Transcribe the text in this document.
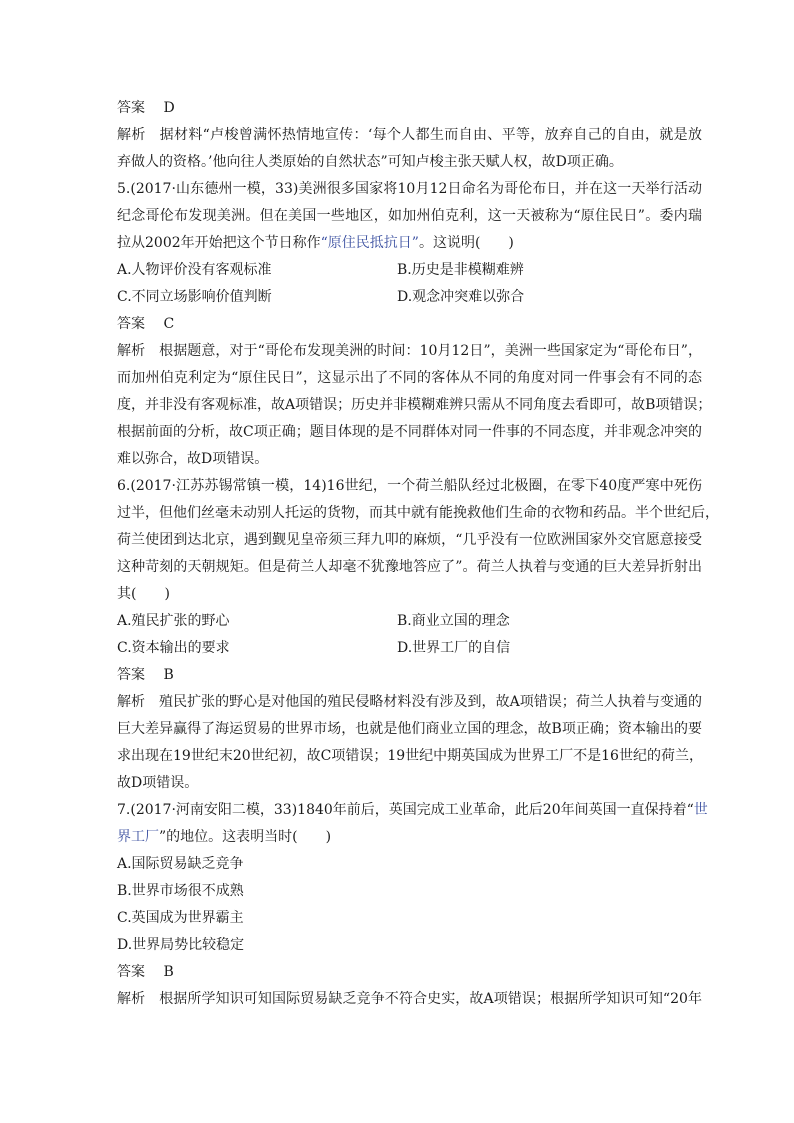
答案 D
解析 据材料“卢梭曾满怀热情地宣传：‘每个人都生而自由、平等，放弃自己的自由，就是放
弃做人的资格。’他向往人类原始的自然状态”可知卢梭主张天赋人权，故D项正确。
5.(2017·山东德州一模，33)美洲很多国家将10月12日命名为哥伦布日，并在这一天举行活动
纪念哥伦布发现美洲。但在美国一些地区，如加州伯克利，这一天被称为“原住民日”。委内瑞
拉从2002年开始把这个节日称作“原住民抵抗日”。这说明(　　)
A.人物评价没有客观标准	B.历史是非模糊难辨
C.不同立场影响价值判断	D.观念冲突难以弥合
答案 C
解析 根据题意，对于“哥伦布发现美洲的时间：10月12日”，美洲一些国家定为“哥伦布日”，
而加州伯克利定为“原住民日”，这显示出了不同的客体从不同的角度对同一件事会有不同的态
度，并非没有客观标准，故A项错误；历史并非模糊难辨只需从不同角度去看即可，故B项错误；
根据前面的分析，故C项正确；题目体现的是不同群体对同一件事的不同态度，并非观念冲突的
难以弥合，故D项错误。
6.(2017·江苏苏锡常镇一模，14)16世纪，一个荷兰船队经过北极圈，在零下40度严寒中死伤
过半，但他们丝毫未动别人托运的货物，而其中就有能挽救他们生命的衣物和药品。半个世纪后，
荷兰使团到达北京，遇到觐见皇帝须三拜九叩的麻烦，“几乎没有一位欧洲国家外交官愿意接受
这种苛刻的天朝规矩。但是荷兰人却毫不犹豫地答应了”。荷兰人执着与变通的巨大差异折射出
其(　　)
A.殖民扩张的野心	B.商业立国的理念
C.资本输出的要求	D.世界工厂的自信
答案 B
解析 殖民扩张的野心是对他国的殖民侵略材料没有涉及到，故A项错误；荷兰人执着与变通的
巨大差异赢得了海运贸易的世界市场，也就是他们商业立国的理念，故B项正确；资本输出的要
求出现在19世纪末20世纪初，故C项错误；19世纪中期英国成为世界工厂不是16世纪的荷兰，
故D项错误。
7.(2017·河南安阳二模，33)1840年前后，英国完成工业革命，此后20年间英国一直保持着“世
界工厂”的地位。这表明当时(　　)
A.国际贸易缺乏竞争
B.世界市场很不成熟
C.英国成为世界霸主
D.世界局势比较稳定
答案 B
解析 根据所学知识可知国际贸易缺乏竞争不符合史实，故A项错误；根据所学知识可知“20年
